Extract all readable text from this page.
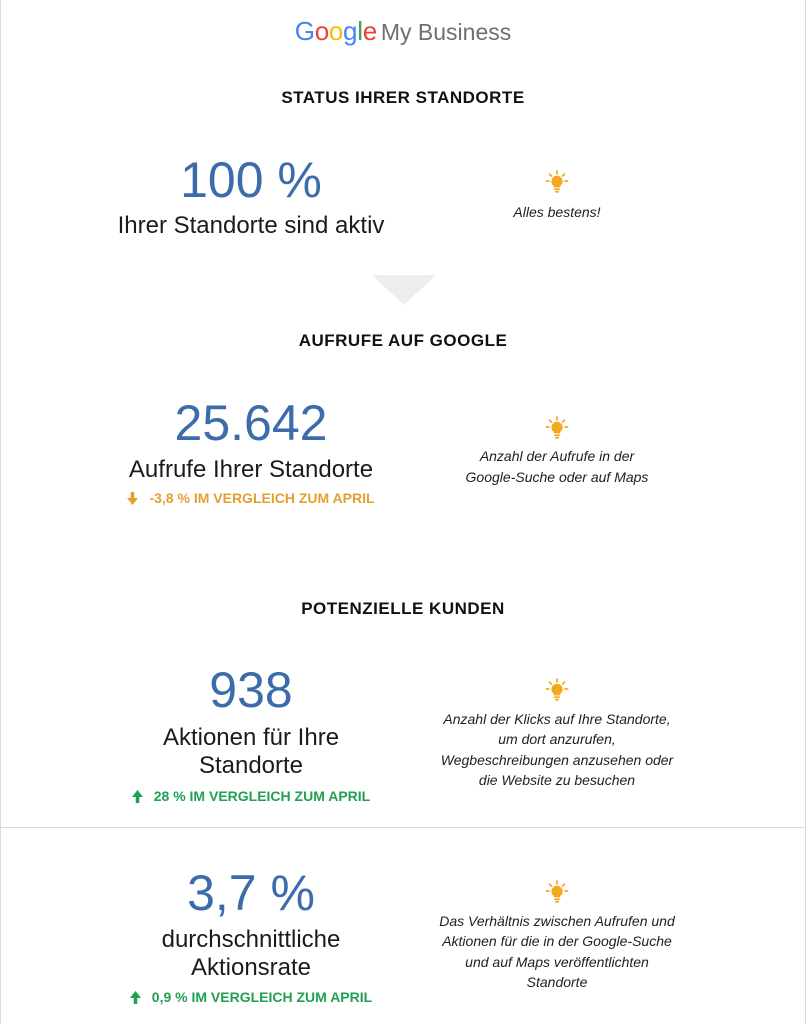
Google My Business
STATUS IHRER STANDORTE
100 %
Ihrer Standorte sind aktiv	Alles bestens!
AUFRUFE AUF GOOGLE
25.642
Aufrufe Ihrer Standorte
-3,8 % IM VERGLEICH ZUM APRIL
Anzahl der Aufrufe in der
Google-Suche oder auf Maps
POTENZIELLE KUNDEN
938
Aktionen für Ihre Standorte
28 % IM VERGLEICH ZUM APRIL
Anzahl der Klicks auf Ihre Standorte,
um dort anzurufen,
Wegbeschreibungen anzusehen oder
die Website zu besuchen
3,7 %
durchschnittliche Aktionsrate
0,9 % IM VERGLEICH ZUM APRIL
Das Verhältnis zwischen Aufrufen und
Aktionen für die in der Google-Suche
und auf Maps veröffentlichten
Standorte
